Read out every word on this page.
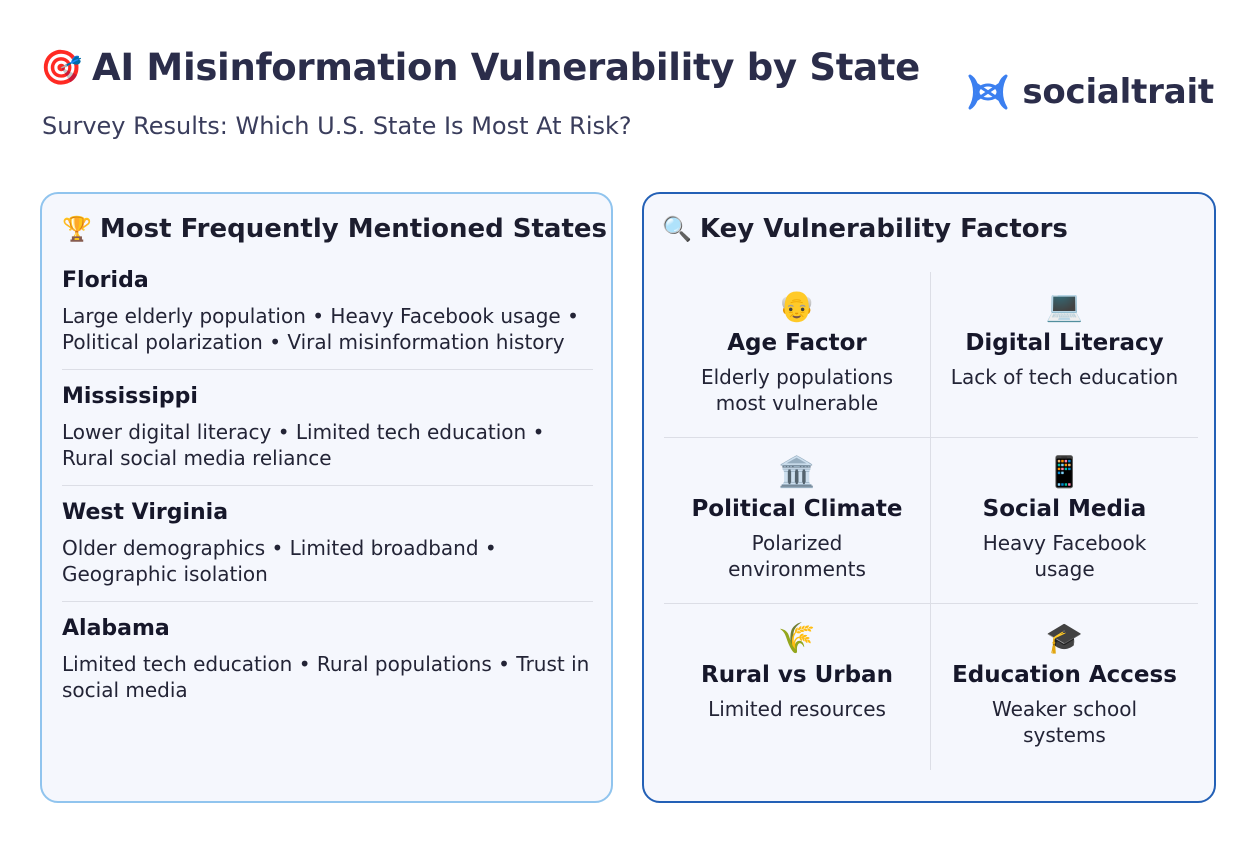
🎯 AI Misinformation Vulnerability by State
Survey Results: Which U.S. State Is Most At Risk?
socialtrait
🏆 Most Frequently Mentioned States
Florida
Large elderly population • Heavy Facebook usage • Political polarization • Viral misinformation history
Mississippi
Lower digital literacy • Limited tech education • Rural social media reliance
West Virginia
Older demographics • Limited broadband • Geographic isolation
Alabama
Limited tech education • Rural populations • Trust in social media
🔍 Key Vulnerability Factors
👴
Age Factor
Elderly populations most vulnerable
💻
Digital Literacy
Lack of tech education
🏛️
Political Climate
Polarized environments
📱
Social Media
Heavy Facebook usage
🌾
Rural vs Urban
Limited resources
🎓
Education Access
Weaker school systems
